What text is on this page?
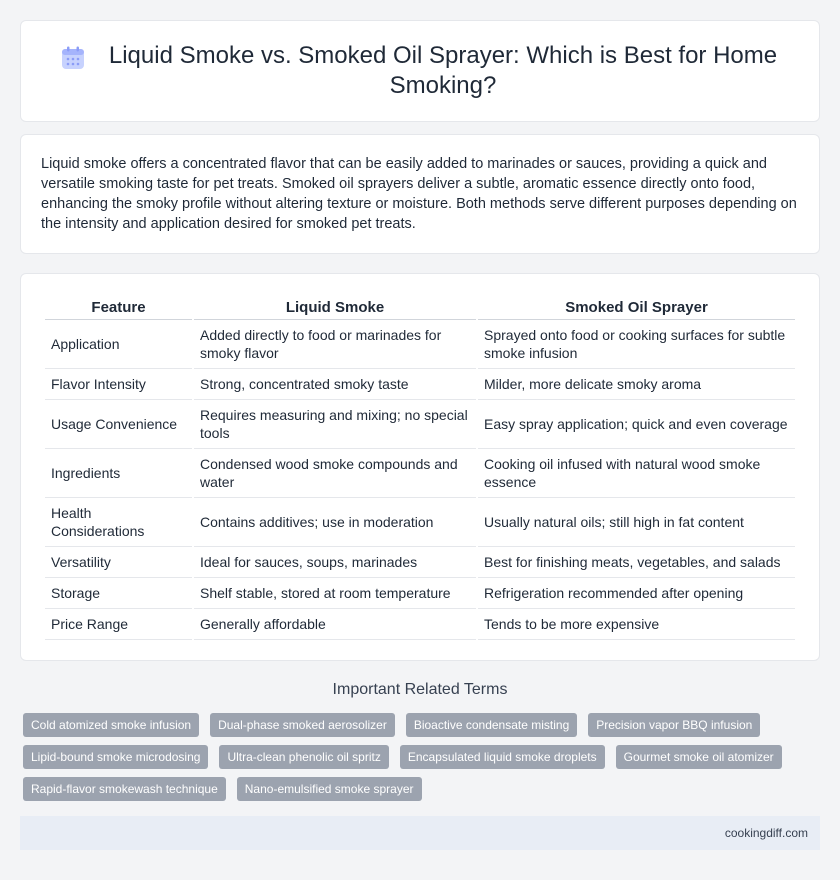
Liquid Smoke vs. Smoked Oil Sprayer: Which is Best for Home Smoking?
Liquid smoke offers a concentrated flavor that can be easily added to marinades or sauces, providing a quick and versatile smoking taste for pet treats. Smoked oil sprayers deliver a subtle, aromatic essence directly onto food, enhancing the smoky profile without altering texture or moisture. Both methods serve different purposes depending on the intensity and application desired for smoked pet treats.
Feature	Liquid Smoke	Smoked Oil Sprayer
Application	Added directly to food or marinades for smoky flavor	Sprayed onto food or cooking surfaces for subtle smoke infusion
Flavor Intensity	Strong, concentrated smoky taste	Milder, more delicate smoky aroma
Usage Convenience	Requires measuring and mixing; no special tools	Easy spray application; quick and even coverage
Ingredients	Condensed wood smoke compounds and water	Cooking oil infused with natural wood smoke essence
Health Considerations	Contains additives; use in moderation	Usually natural oils; still high in fat content
Versatility	Ideal for sauces, soups, marinades	Best for finishing meats, vegetables, and salads
Storage	Shelf stable, stored at room temperature	Refrigeration recommended after opening
Price Range	Generally affordable	Tends to be more expensive
Important Related Terms
Cold atomized smoke infusion	Dual-phase smoked aerosolizer	Bioactive condensate misting	Precision vapor BBQ infusion
Lipid-bound smoke microdosing	Ultra-clean phenolic oil spritz	Encapsulated liquid smoke droplets	Gourmet smoke oil atomizer
Rapid-flavor smokewash technique	Nano-emulsified smoke sprayer
cookingdiff.com
